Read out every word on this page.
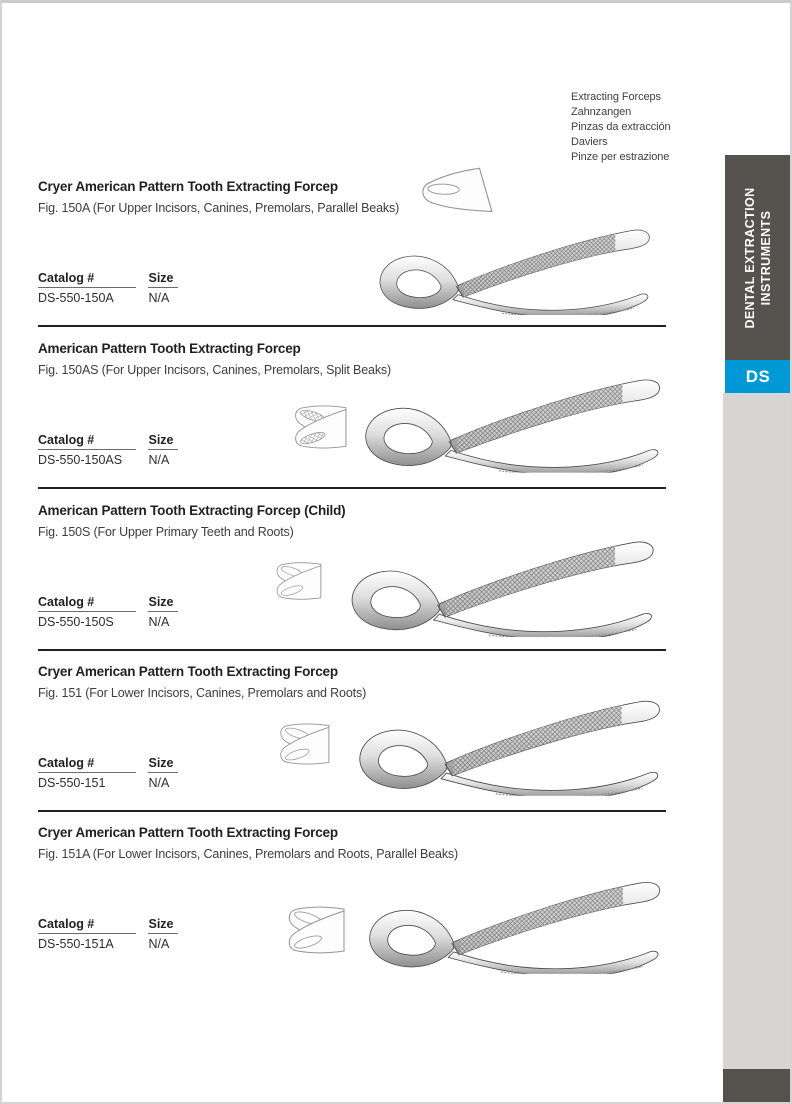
Extracting Forceps
Zahnzangen
Pinzas da extracción
Daviers
Pinze per estrazione
DENTAL EXTRACTION INSTRUMENTS
DS
Cryer American Pattern Tooth Extracting Forcep

Fig. 150A (For Upper Incisors, Canines, Premolars, Parallel Beaks)

Catalog #
DS-550-150A

Size
N/A
American Pattern Tooth Extracting Forcep

Fig. 150AS (For Upper Incisors, Canines, Premolars, Split Beaks)

Catalog #
DS-550-150AS

Size
N/A
American Pattern Tooth Extracting Forcep (Child)

Fig. 150S (For Upper Primary Teeth and Roots)

Catalog #
DS-550-150S

Size
N/A
Cryer American Pattern Tooth Extracting Forcep

Fig. 151 (For Lower Incisors, Canines, Premolars and Roots)

Catalog #
DS-550-151

Size
N/A
Cryer American Pattern Tooth Extracting Forcep

Fig. 151A (For Lower Incisors, Canines, Premolars and Roots, Parallel Beaks)

Catalog #
DS-550-151A

Size
N/A
